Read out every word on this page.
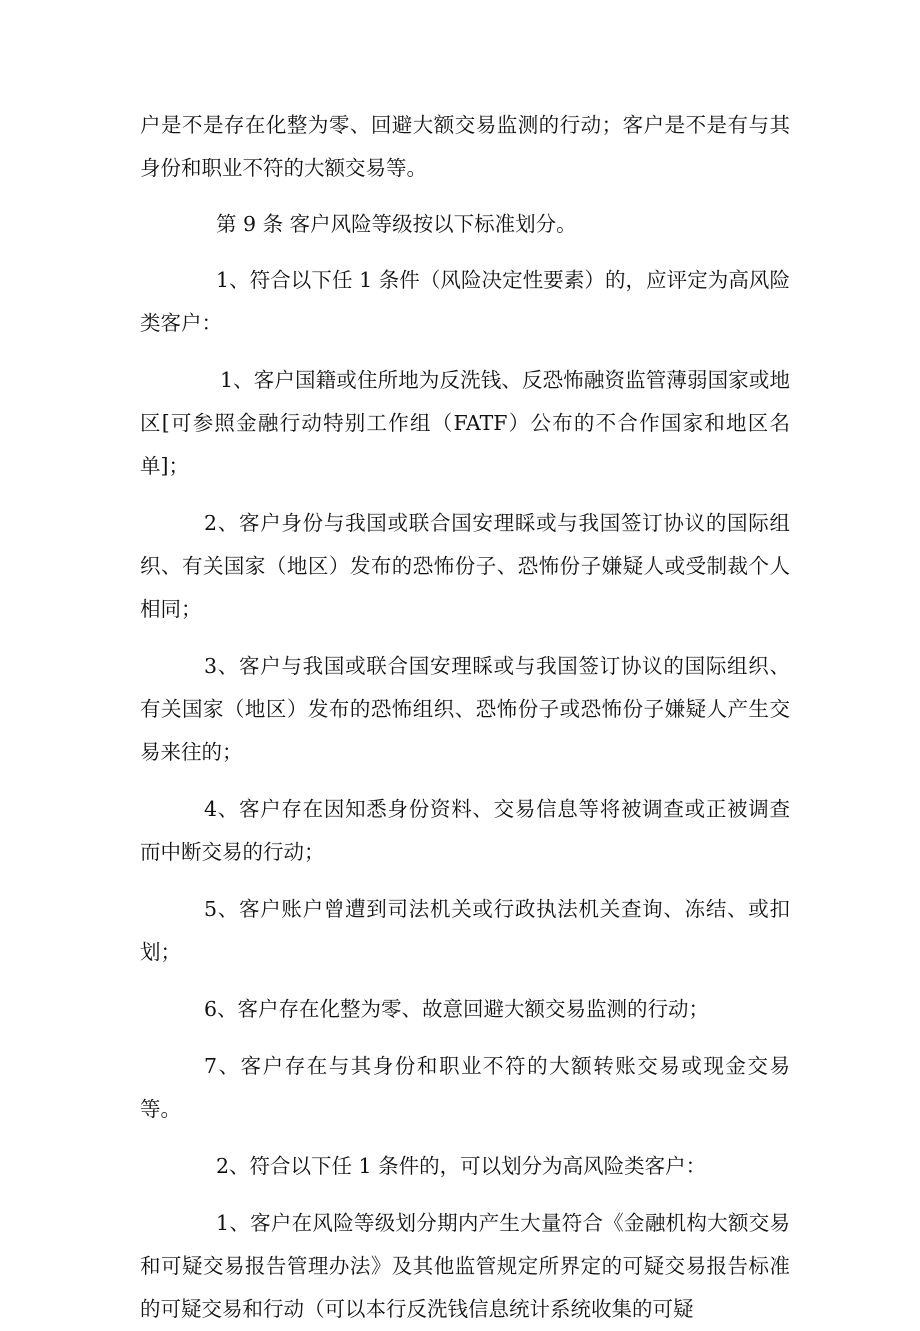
户是不是存在化整为零、回避大额交易监测的行动；客户是不是有与其身份和职业不符的大额交易等。

第 9 条 客户风险等级按以下标准划分。

1、符合以下任 1 条件（风险决定性要素）的，应评定为高风险类客户：

1、客户国籍或住所地为反洗钱、反恐怖融资监管薄弱国家或地区[可参照金融行动特别工作组（FATF）公布的不合作国家和地区名单]；

2、客户身份与我国或联合国安理睬或与我国签订协议的国际组织、有关国家（地区）发布的恐怖份子、恐怖份子嫌疑人或受制裁个人相同；

3、客户与我国或联合国安理睬或与我国签订协议的国际组织、有关国家（地区）发布的恐怖组织、恐怖份子或恐怖份子嫌疑人产生交易来往的；

4、客户存在因知悉身份资料、交易信息等将被调查或正被调查而中断交易的行动；

5、客户账户曾遭到司法机关或行政执法机关查询、冻结、或扣划；

6、客户存在化整为零、故意回避大额交易监测的行动；

7、客户存在与其身份和职业不符的大额转账交易或现金交易等。

2、符合以下任 1 条件的，可以划分为高风险类客户：

1、客户在风险等级划分期内产生大量符合《金融机构大额交易和可疑交易报告管理办法》及其他监管规定所界定的可疑交易报告标准的可疑交易和行动（可以本行反洗钱信息统计系统收集的可疑
